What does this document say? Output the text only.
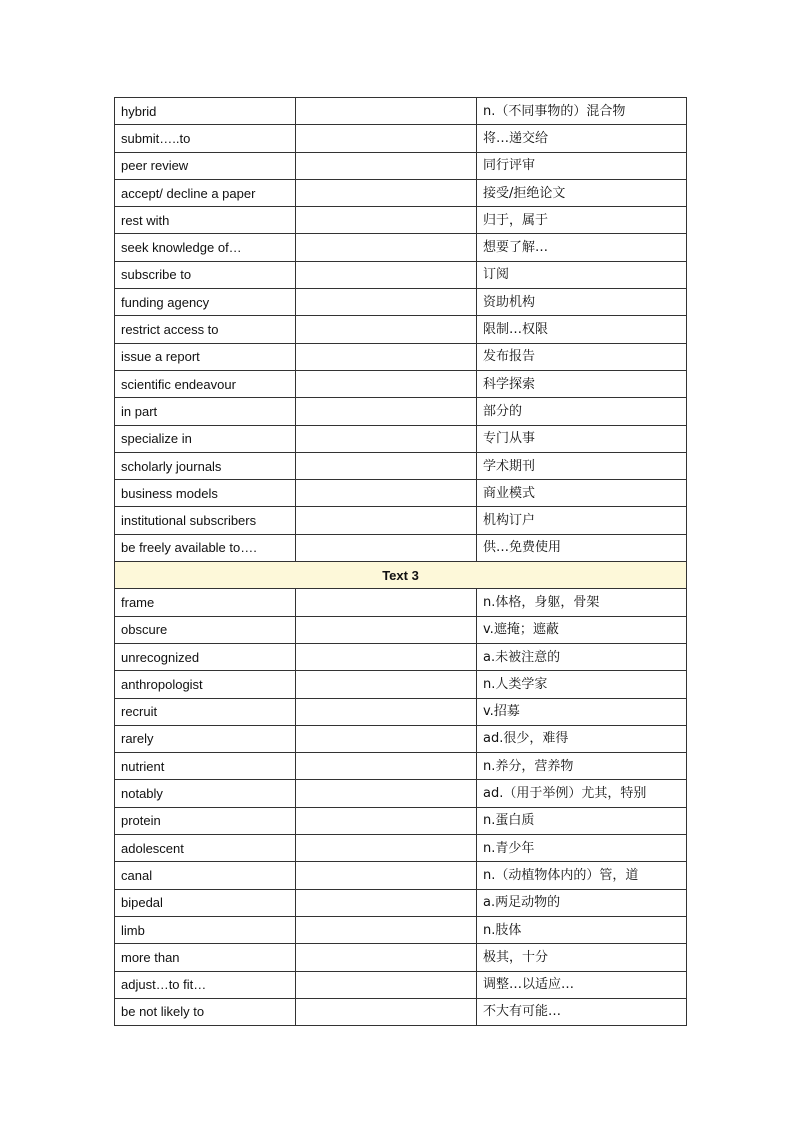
hybrid		n.（不同事物的）混合物
submit…..to		将…递交给
peer review		同行评审
accept/ decline a paper		接受/拒绝论文
rest with		归于，属于
seek knowledge of…		想要了解…
subscribe to		订阅
funding agency		资助机构
restrict access to		限制…权限
issue a report		发布报告
scientific endeavour		科学探索
in part		部分的
specialize in		专门从事
scholarly journals		学术期刊
business models		商业模式
institutional subscribers		机构订户
be freely available to….		供…免费使用
Text 3		
frame		n.体格，身躯，骨架
obscure		v.遮掩；遮蔽
unrecognized		a.未被注意的
anthropologist		n.人类学家
recruit		v.招募
rarely		ad.很少，难得
nutrient		n.养分，营养物
notably		ad.（用于举例）尤其，特别
protein		n.蛋白质
adolescent		n.青少年
canal		n.（动植物体内的）管，道
bipedal		a.两足动物的
limb		n.肢体
more than		极其，十分
adjust…to fit…		调整…以适应…
be not likely to		不大有可能…
